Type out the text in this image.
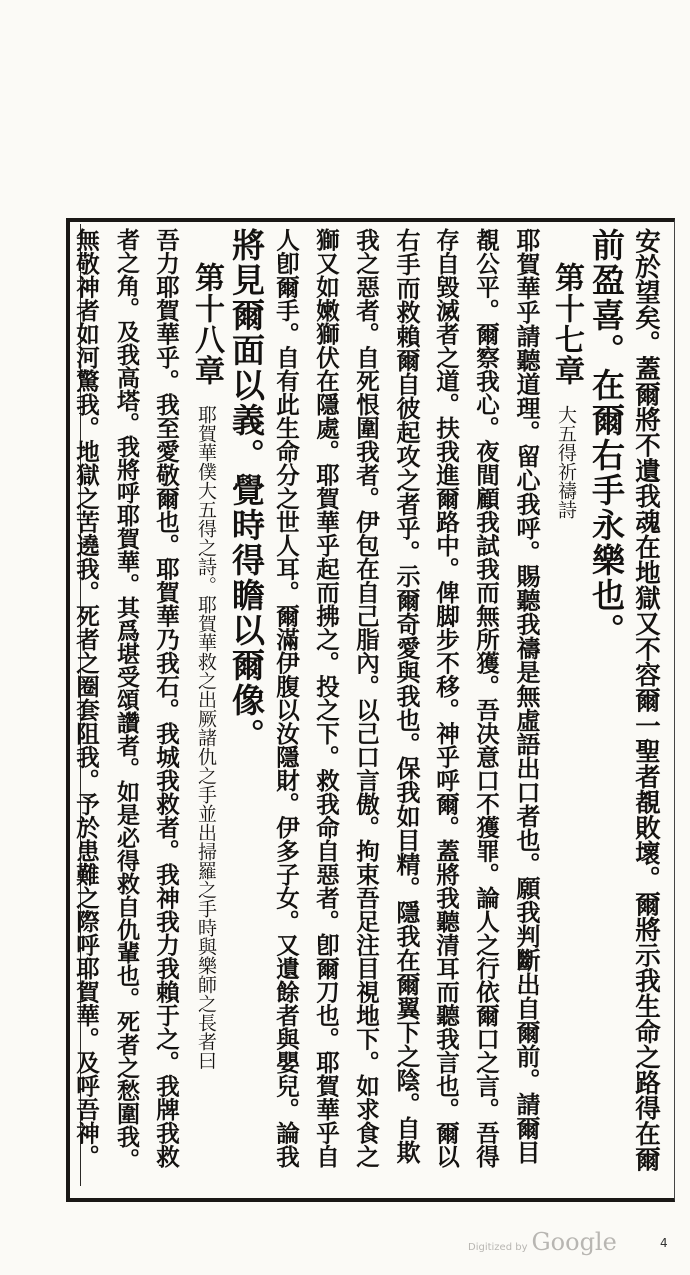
安於望矣。蓋爾將不遺我魂在地獄又不容爾一聖者覩敗壞。爾將示我生命之路得在爾
前盈喜。在爾右手永樂也。
第十七章 大五得祈禱詩
耶賀華乎請聽道理。留心我呼。賜聽我禱是無虛語出口者也。願我判斷出自爾前。請爾目
覩公平。爾察我心。夜間顧我試我而無所獲。吾决意口不獲罪。論人之行依爾口之言。吾得
存自毀滅者之道。扶我進爾路中。俾脚步不移。神乎呼爾。蓋將我聽清耳而聽我言也。爾以
右手而救賴爾自彼起攻之者乎。示爾奇愛與我也。保我如目精。隱我在爾翼下之陰。自欺
我之惡者。自死恨圍我者。伊包在自己脂內。以己口言傲。拘束吾足注目視地下。如求食之
獅又如嫩獅伏在隱處。耶賀華乎起而拂之。投之下。救我命自惡者。卽爾刀也。耶賀華乎自
人卽爾手。自有此生命分之世人耳。爾滿伊腹以汝隱財。伊多子女。又遺餘者與嬰兒。論我
將見爾面以義。覺時得瞻以爾像。
第十八章 耶賀華僕大五得之詩。耶賀華救之出厥諸仇之手並出掃羅之手時與樂師之長者曰
吾力耶賀華乎。我至愛敬爾也。耶賀華乃我石。我城我救者。我神我力我賴于之。我牌我救
者之角。及我高塔。我將呼耶賀華。其爲堪受頌讚者。如是必得救自仇輩也。死者之愁圍我。
無敬神者如河驚我。地獄之苦遶我。死者之圈套阻我。予於患難之際呼耶賀華。及呼吾神。
Digitized by Google	4
